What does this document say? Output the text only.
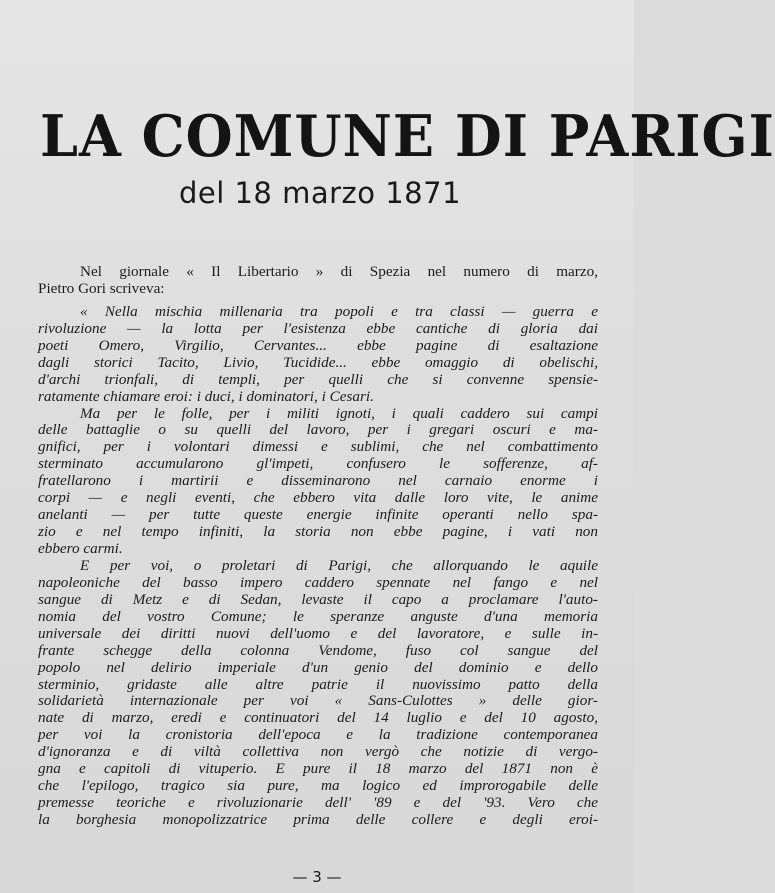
LA COMUNE DI PARIGI
del 18 marzo 1871
Nel giornale « Il Libertario » di Spezia nel numero di marzo,
Pietro Gori scriveva:
« Nella mischia millenaria tra popoli e tra classi — guerra e
rivoluzione — la lotta per l'esistenza ebbe cantiche di gloria dai
poeti Omero, Virgilio, Cervantes... ebbe pagine di esaltazione
dagli storici Tacito, Livio, Tucidide... ebbe omaggio di obelischi,
d'archi trionfali, di templi, per quelli che si convenne spensie-
ratamente chiamare eroi: i duci, i dominatori, i Cesari.
Ma per le folle, per i militi ignoti, i quali caddero sui campi
delle battaglie o su quelli del lavoro, per i gregari oscuri e ma-
gnifici, per i volontari dimessi e sublimi, che nel combattimento
sterminato accumularono gl'impeti, confusero le sofferenze, af-
fratellarono i martirii e disseminarono nel carnaio enorme i
corpi — e negli eventi, che ebbero vita dalle loro vite, le anime
anelanti — per tutte queste energie infinite operanti nello spa-
zio e nel tempo infiniti, la storia non ebbe pagine, i vati non
ebbero carmi.
E per voi, o proletari di Parigi, che allorquando le aquile
napoleoniche del basso impero caddero spennate nel fango e nel
sangue di Metz e di Sedan, levaste il capo a proclamare l'auto-
nomia del vostro Comune; le speranze anguste d'una memoria
universale dei diritti nuovi dell'uomo e del lavoratore, e sulle in-
frante schegge della colonna Vendome, fuso col sangue del
popolo nel delirio imperiale d'un genio del dominio e dello
sterminio, gridaste alle altre patrie il nuovissimo patto della
solidarietà internazionale per voi « Sans-Culottes » delle gior-
nate di marzo, eredi e continuatori del 14 luglio e del 10 agosto,
per voi la cronistoria dell'epoca e la tradizione contemporanea
d'ignoranza e di viltà collettiva non vergò che notizie di vergo-
gna e capitoli di vituperio. E pure il 18 marzo del 1871 non è
che l'epilogo, tragico sia pure, ma logico ed improrogabile delle
premesse teoriche e rivoluzionarie dell' '89 e del '93. Vero che
la borghesia monopolizzatrice prima delle collere e degli eroi-
— 3 —
